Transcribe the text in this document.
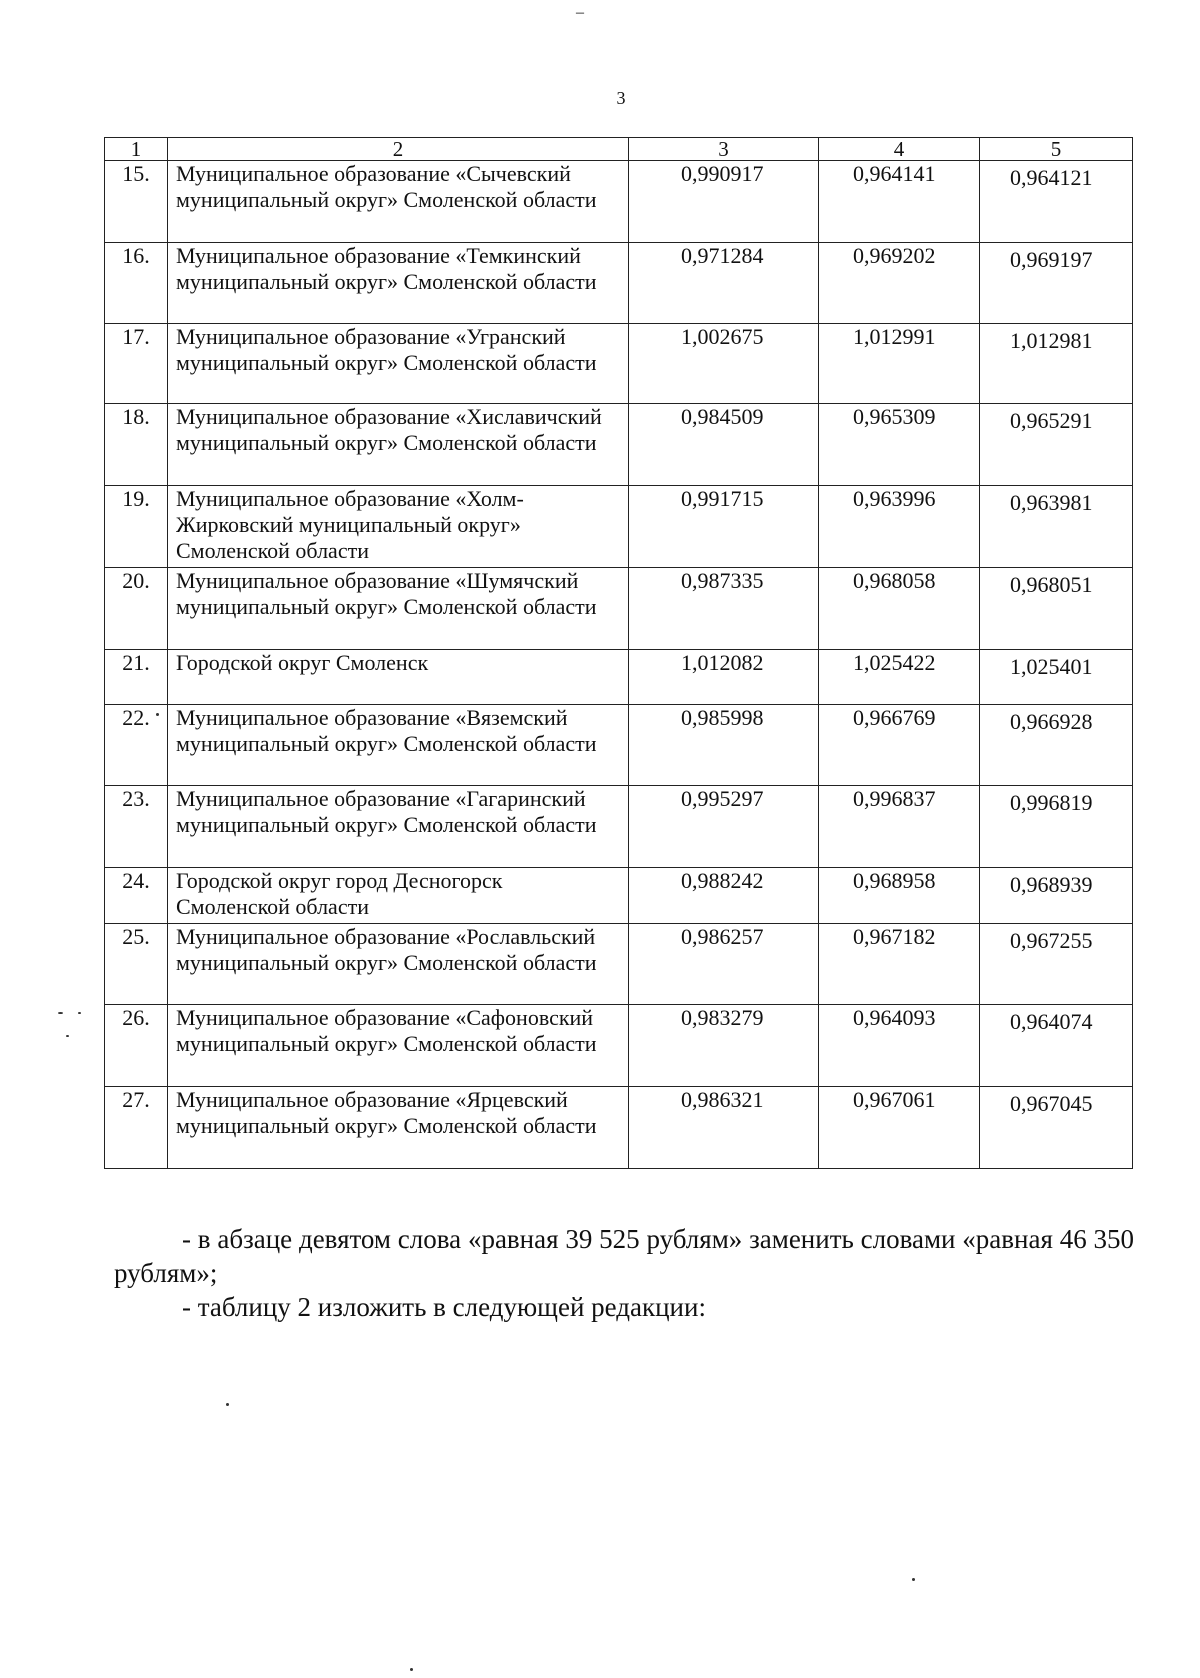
–
3
1	2	3	4	5
15.	Муниципальное образование «Сычевский муниципальный округ» Смоленской области	0,990917	0,964141	0,964121
16.	Муниципальное образование «Темкинский муниципальный округ» Смоленской области	0,971284	0,969202	0,969197
17.	Муниципальное образование «Угранский муниципальный округ» Смоленской области	1,002675	1,012991	1,012981
18.	Муниципальное образование «Хиславичский муниципальный округ» Смоленской области	0,984509	0,965309	0,965291
19.	Муниципальное образование «Холм-Жирковский муниципальный округ» Смоленской области	0,991715	0,963996	0,963981
20.	Муниципальное образование «Шумячский муниципальный округ» Смоленской области	0,987335	0,968058	0,968051
21.	Городской округ Смоленск	1,012082	1,025422	1,025401
22.	Муниципальное образование «Вяземский муниципальный округ» Смоленской области	0,985998	0,966769	0,966928
23.	Муниципальное образование «Гагаринский муниципальный округ» Смоленской области	0,995297	0,996837	0,996819
24.	Городской округ город Десногорск Смоленской области	0,988242	0,968958	0,968939
25.	Муниципальное образование «Рославльский муниципальный округ» Смоленской области	0,986257	0,967182	0,967255
26.	Муниципальное образование «Сафоновский муниципальный округ» Смоленской области	0,983279	0,964093	0,964074
27.	Муниципальное образование «Ярцевский муниципальный округ» Смоленской области	0,986321	0,967061	0,967045
- в абзаце девятом слова «равная 39 525 рублям» заменить словами «равная 46 350 рублям»;
- таблицу 2 изложить в следующей редакции:
